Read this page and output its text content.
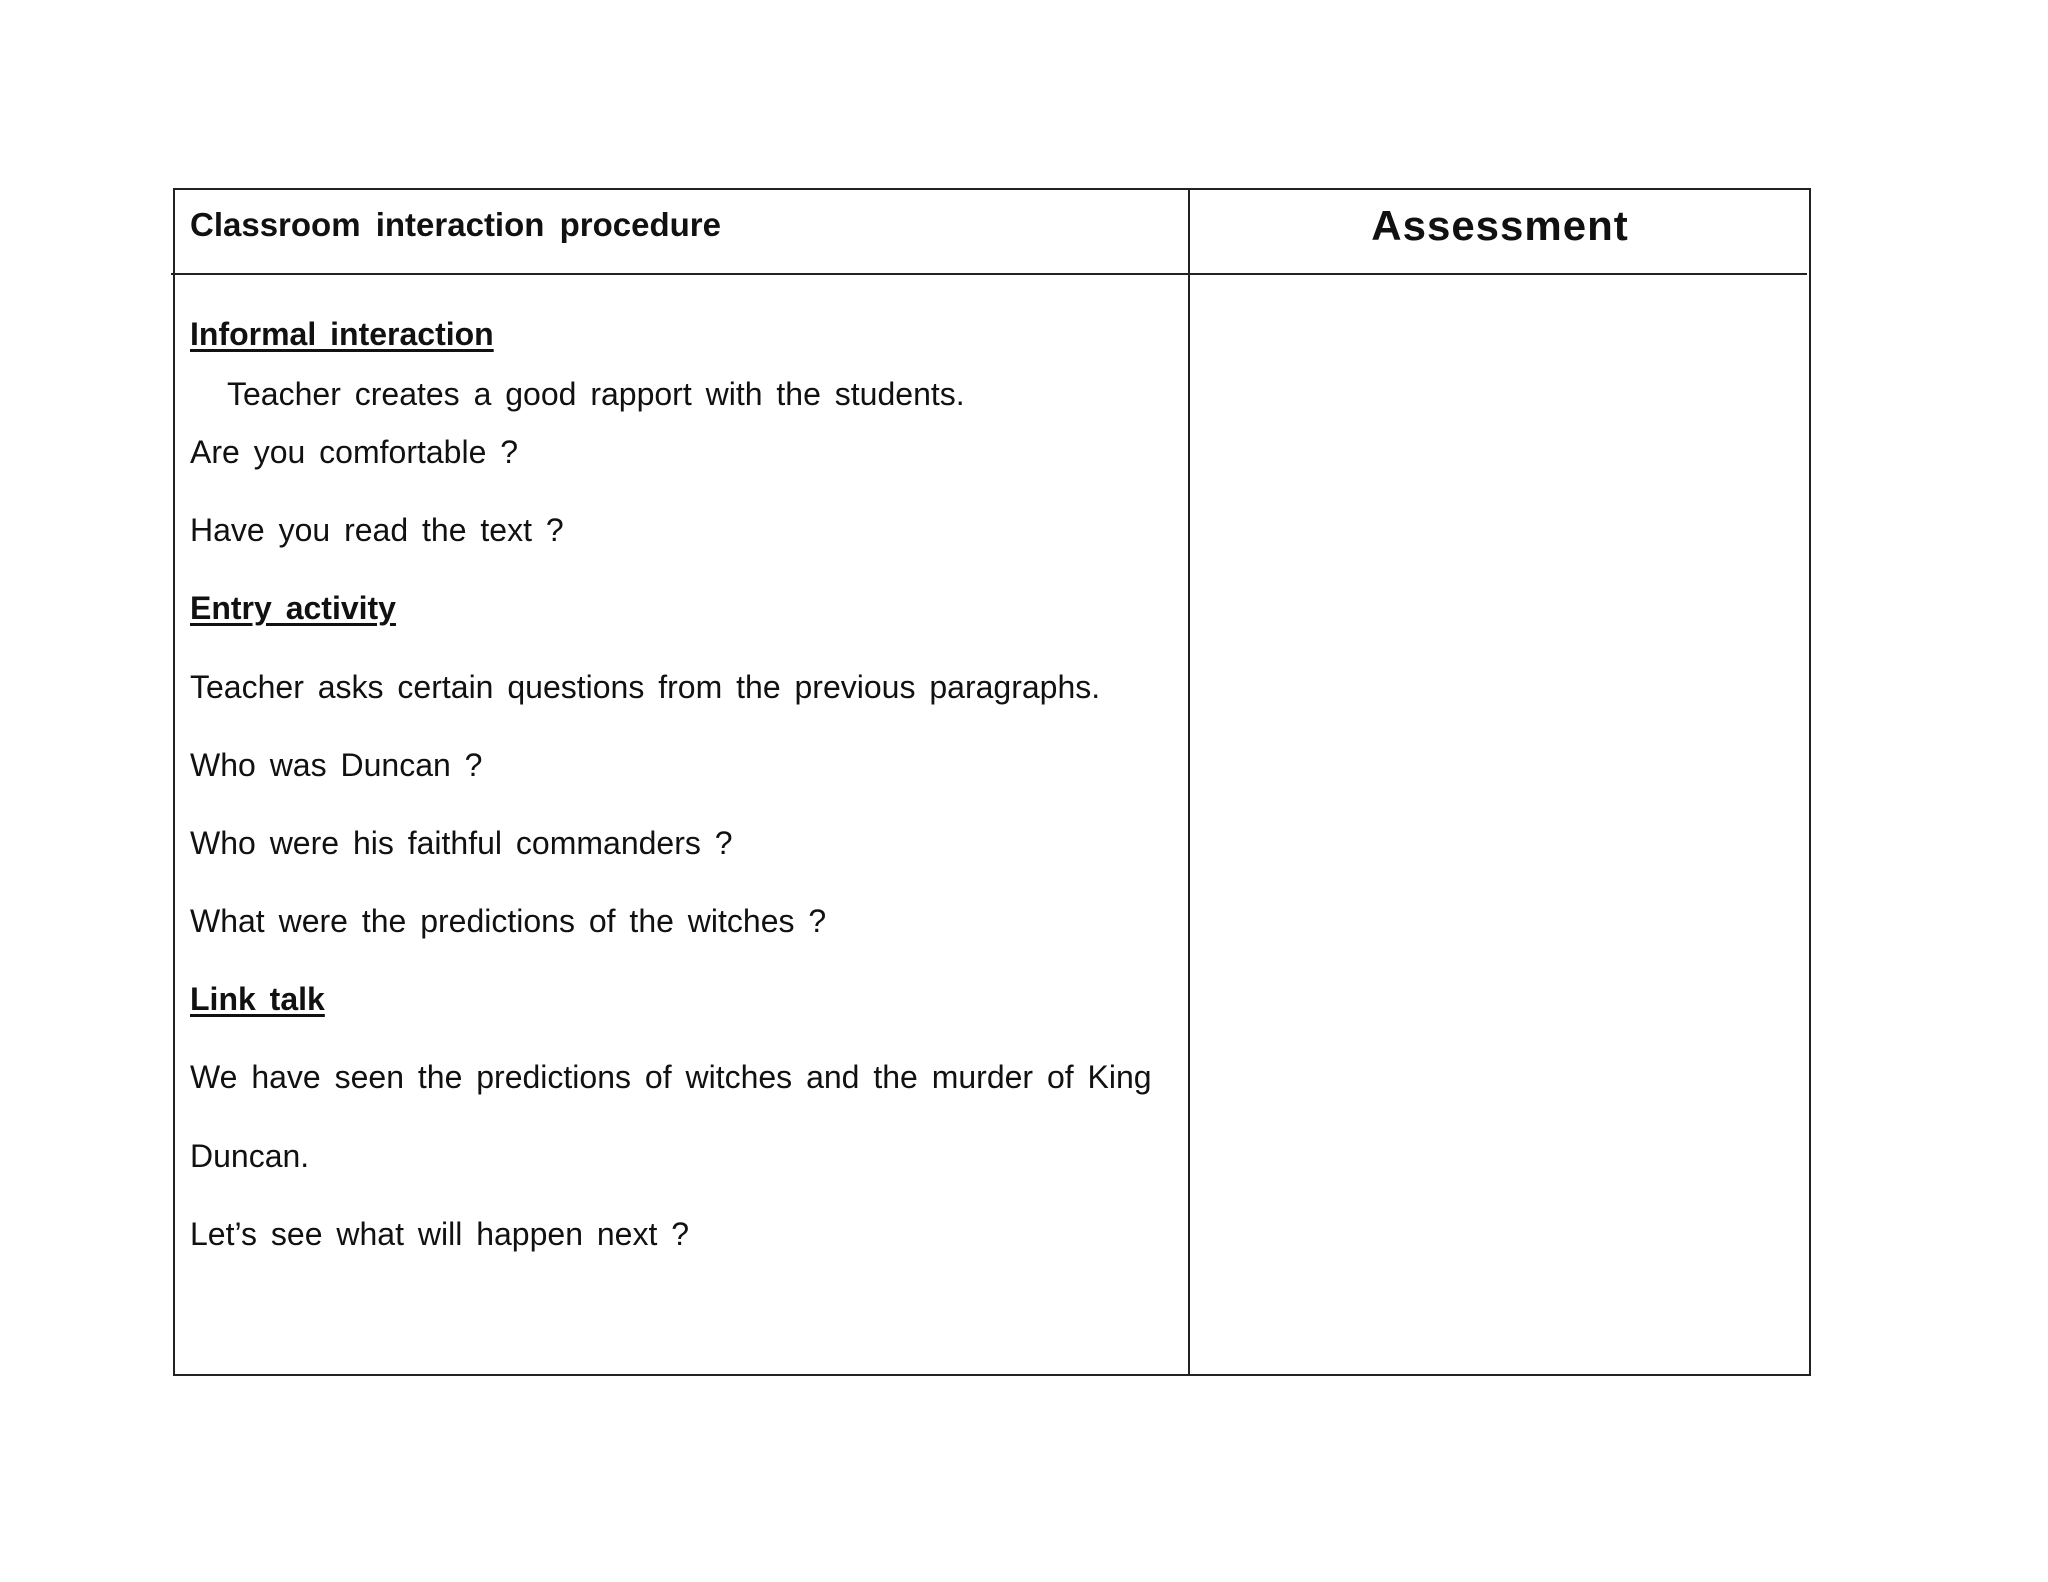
Classroom interaction procedure	Assessment
Informal interaction
Teacher creates a good rapport with the students.
Are you comfortable ?
Have you read the text ?
Entry activity
Teacher asks certain questions from the previous paragraphs.
Who was Duncan ?
Who were his faithful commanders ?
What were the predictions of the witches ?
Link talk
We have seen the predictions of witches and the murder of King
Duncan.
Let’s see what will happen next ?
